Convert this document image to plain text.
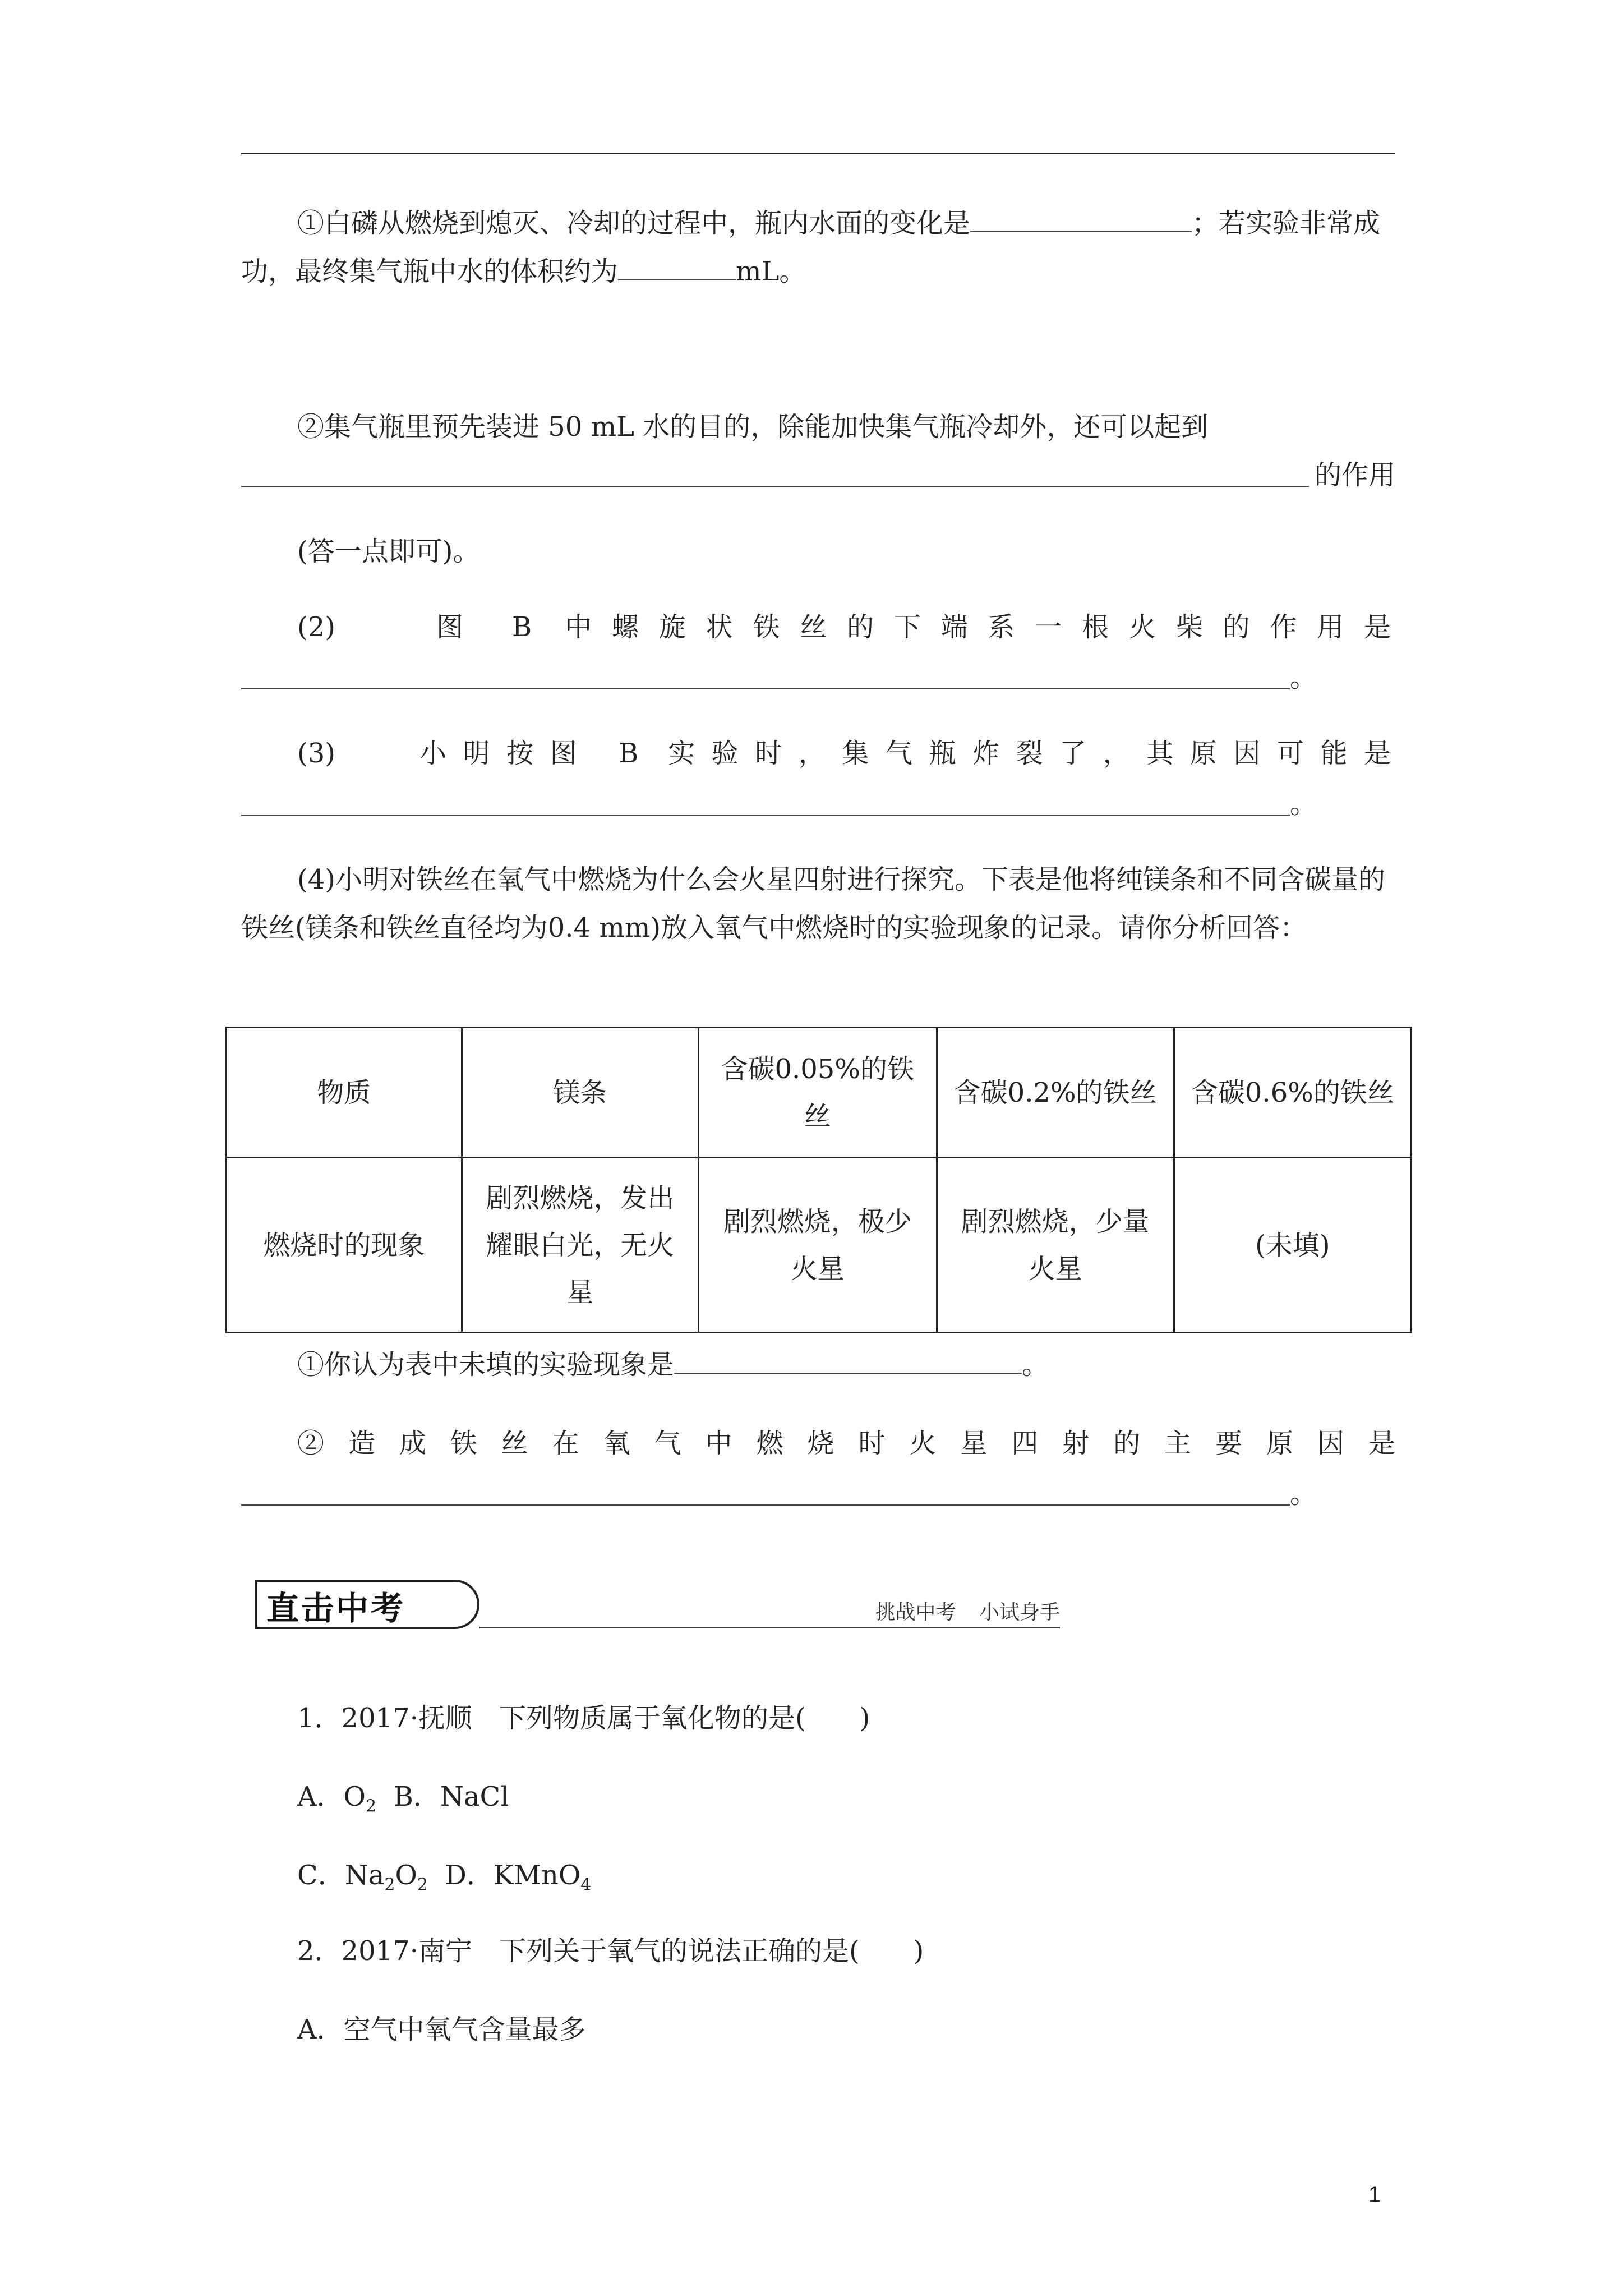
①白磷从燃烧到熄灭、冷却的过程中，瓶内水面的变化是	；若实验非常成功，最终集气瓶中水的体积约为	mL。

②集气瓶里预先装进 50 mL 水的目的，除能加快集气瓶冷却外，还可以起到

的作用

(答一点即可)。

(2)	图 B 中螺旋状铁丝的下端系一根火柴的作用是
。
(3)	小明按图 B 实验时，集气瓶炸裂了，其原因可能是
。

(4)小明对铁丝在氧气中燃烧为什么会火星四射进行探究。下表是他将纯镁条和不同含碳量的铁丝(镁条和铁丝直径均为0.4 mm)放入氧气中燃烧时的实验现象的记录。请你分析回答：

物质	镁条	含碳0.05%的铁丝	含碳0.2%的铁丝	含碳0.6%的铁丝
燃烧时的现象	剧烈燃烧，发出耀眼白光，无火星	剧烈燃烧，极少火星	剧烈燃烧，少量火星	(未填)

①你认为表中未填的实验现象是	。

②造成铁丝在氧气中燃烧时火星四射的主要原因是
。
直击中考	挑战中考 小试身手

1．2017·抚顺　下列物质属于氧化物的是(　　)

A．$O_2$ B．NaCl

C．$Na_2O_2$ D．KMnO$_4$

2．2017·南宁　下列关于氧气的说法正确的是(　　)

A．空气中氧气含量最多

1
